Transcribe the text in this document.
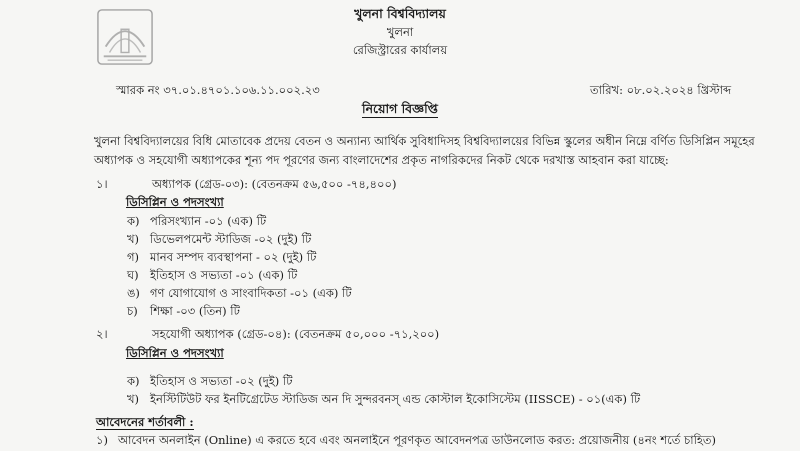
খুলনা বিশ্ববিদ্যালয়
খুলনা
রেজিস্ট্রারের কার্যালয়
স্মারক নং ৩৭.০১.৪৭০১.১০৬.১১.০০২.২৩	তারিখ: ০৮.০২.২০২৪ খ্রিস্টাব্দ
নিয়োগ বিজ্ঞপ্তি
খুলনা বিশ্ববিদ্যালয়ের বিধি মোতাবেক প্রদেয় বেতন ও অন্যান্য আর্থিক সুবিধাদিসহ বিশ্ববিদ্যালয়ের বিভিন্ন স্কুলের অধীন নিম্নে বর্ণিত ডিসিপ্লিন সমূহের অধ্যাপক ও সহযোগী অধ্যাপকের শূন্য পদ পূরণের জন্য বাংলাদেশের প্রকৃত নাগরিকদের নিকট থেকে দরখাস্ত আহবান করা যাচ্ছে:
১।	অধ্যাপক (গ্রেড-০৩): (বেতনক্রম ৫৬,৫০০ -৭৪,৪০০)
ডিসিপ্লিন ও পদসংখ্যা
ক) পরিসংখ্যান -০১ (এক) টি
খ) ডিভেলপমেন্ট স্টাডিজ -০২ (দুই) টি
গ) মানব সম্পদ ব্যবস্থাপনা - ০২ (দুই) টি
ঘ) ইতিহাস ও সভ্যতা -০১ (এক) টি
ঙ) গণ যোগাযোগ ও সাংবাদিকতা -০১ (এক) টি
চ) শিক্ষা -০৩ (তিন) টি
২।	সহযোগী অধ্যাপক (গ্রেড-০৪): (বেতনক্রম ৫০,০০০ -৭১,২০০)
ডিসিপ্লিন ও পদসংখ্যা
ক) ইতিহাস ও সভ্যতা -০২ (দুই) টি
খ) ইনস্টিটিউট ফর ইনটিগ্রেটেড স্টাডিজ অন দি সুন্দরবনস্ এন্ড কোস্টাল ইকোসিস্টেম (IISSCE) - ০১(এক) টি
আবেদনের শর্তাবলী :
১) আবেদন অনলাইন (Online) এ করতে হবে এবং অনলাইনে পূরণকৃত আবেদনপত্র ডাউনলোড করত: প্রয়োজনীয় (৪নং শর্তে চাহিত)
